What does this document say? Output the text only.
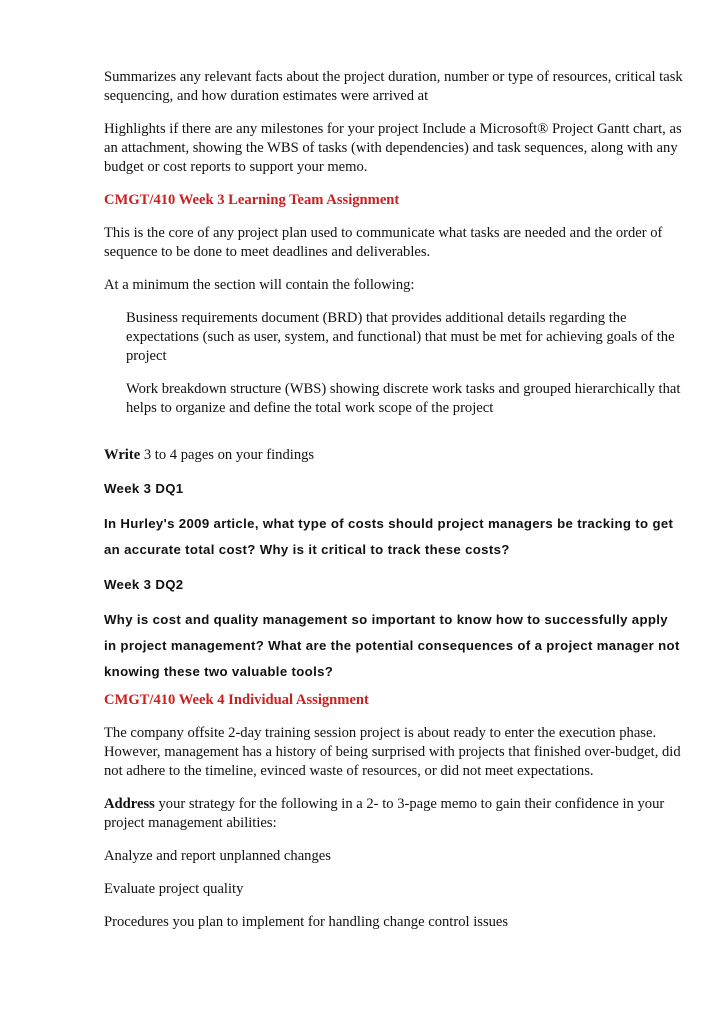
Summarizes any relevant facts about the project duration, number or type of resources, critical task sequencing, and how duration estimates were arrived at

Highlights if there are any milestones for your project Include a Microsoft® Project Gantt chart, as an attachment, showing the WBS of tasks (with dependencies) and task sequences, along with any budget or cost reports to support your memo.

CMGT/410 Week 3 Learning Team Assignment

This is the core of any project plan used to communicate what tasks are needed and the order of sequence to be done to meet deadlines and deliverables.

At a minimum the section will contain the following:

Business requirements document (BRD) that provides additional details regarding the expectations (such as user, system, and functional) that must be met for achieving goals of the project

Work breakdown structure (WBS) showing discrete work tasks and grouped hierarchically that helps to organize and define the total work scope of the project

Write 3 to 4 pages on your findings

Week 3 DQ1

In Hurley's 2009 article, what type of costs should project managers be tracking to get an accurate total cost? Why is it critical to track these costs?

Week 3 DQ2

Why is cost and quality management so important to know how to successfully apply in project management? What are the potential consequences of a project manager not knowing these two valuable tools?

CMGT/410 Week 4 Individual Assignment

The company offsite 2-day training session project is about ready to enter the execution phase. However, management has a history of being surprised with projects that finished over-budget, did not adhere to the timeline, evinced waste of resources, or did not meet expectations.

Address your strategy for the following in a 2- to 3-page memo to gain their confidence in your project management abilities:

Analyze and report unplanned changes

Evaluate project quality

Procedures you plan to implement for handling change control issues
